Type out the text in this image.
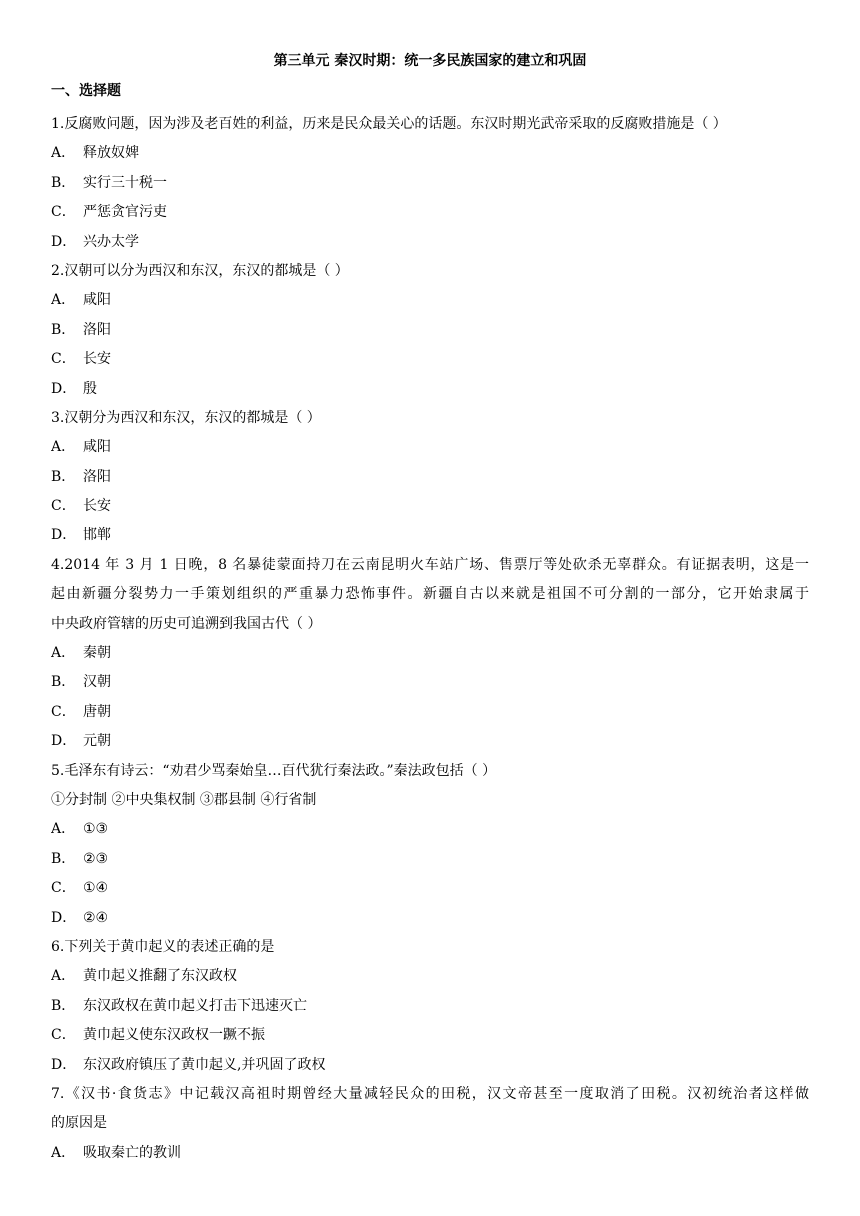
第三单元 秦汉时期：统一多民族国家的建立和巩固
一、选择题
1.反腐败问题，因为涉及老百姓的利益，历来是民众最关心的话题。东汉时期光武帝采取的反腐败措施是（ ）
A． 释放奴婢
B． 实行三十税一
C． 严惩贪官污吏
D． 兴办太学
2.汉朝可以分为西汉和东汉，东汉的都城是（ ）
A． 咸阳
B． 洛阳
C． 长安
D． 殷
3.汉朝分为西汉和东汉，东汉的都城是（ ）
A． 咸阳
B． 洛阳
C． 长安
D． 邯郸
4.2014 年 3 月 1 日晚，8 名暴徒蒙面持刀在云南昆明火车站广场、售票厅等处砍杀无辜群众。有证据表明，这是一
起由新疆分裂势力一手策划组织的严重暴力恐怖事件。新疆自古以来就是祖国不可分割的一部分，它开始隶属于
中央政府管辖的历史可追溯到我国古代（ ）
A． 秦朝
B． 汉朝
C． 唐朝
D． 元朝
5.毛泽东有诗云：“劝君少骂秦始皇…百代犹行秦法政。”秦法政包括（ ）
①分封制 ②中央集权制 ③郡县制 ④行省制
A． ①③
B． ②③
C． ①④
D． ②④
6.下列关于黄巾起义的表述正确的是
A． 黄巾起义推翻了东汉政权
B． 东汉政权在黄巾起义打击下迅速灭亡
C． 黄巾起义使东汉政权一蹶不振
D． 东汉政府镇压了黄巾起义,并巩固了政权
7.《汉书·食货志》中记载汉高祖时期曾经大量减轻民众的田税，汉文帝甚至一度取消了田税。汉初统治者这样做
的原因是
A． 吸取秦亡的教训
